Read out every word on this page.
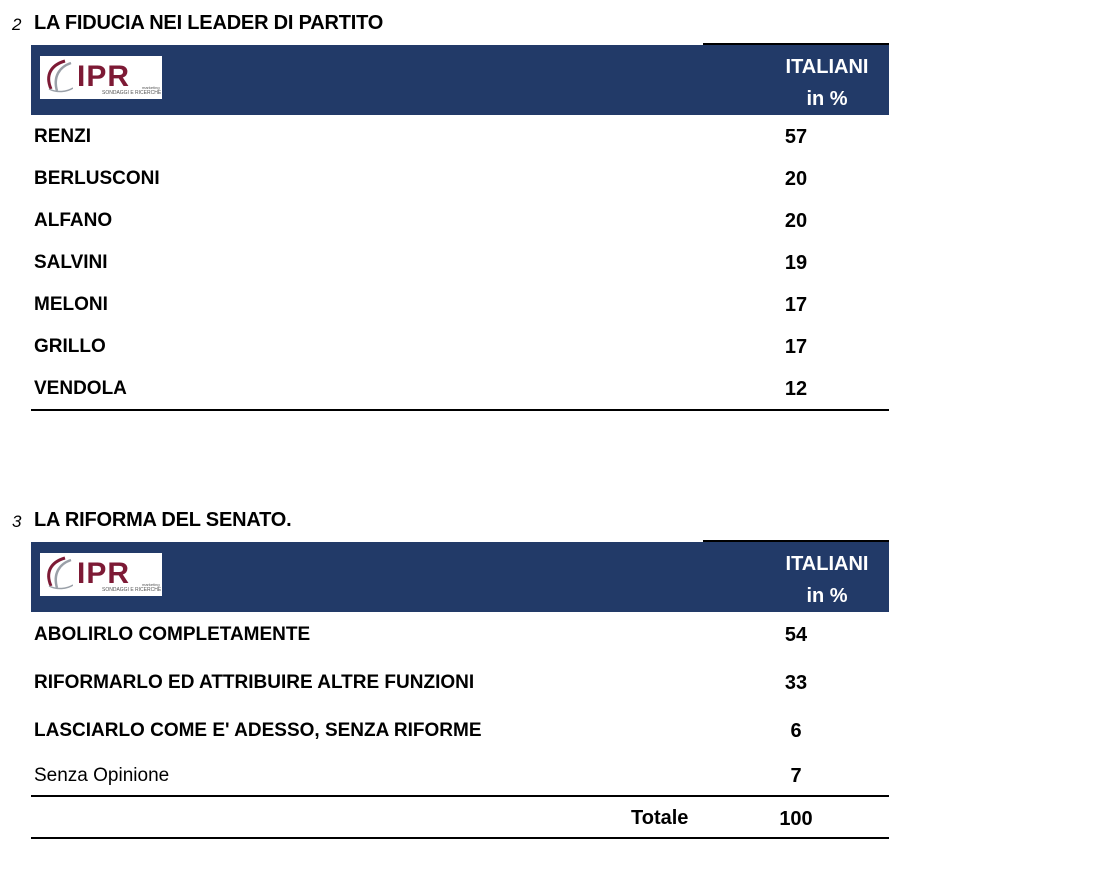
2 LA FIDUCIA NEI LEADER DI PARTITO
IPR	marketing
SONDAGGI E RICERCHE
ITALIANI
in %
RENZI	57
BERLUSCONI	20
ALFANO	20
SALVINI	19
MELONI	17
GRILLO	17
VENDOLA	12
3 LA RIFORMA DEL SENATO.
IPR	marketing
SONDAGGI E RICERCHE
ITALIANI
in %
ABOLIRLO COMPLETAMENTE	54
RIFORMARLO ED ATTRIBUIRE ALTRE FUNZIONI	33
LASCIARLO COME E' ADESSO, SENZA RIFORME	6
Senza Opinione	7
Totale	100
